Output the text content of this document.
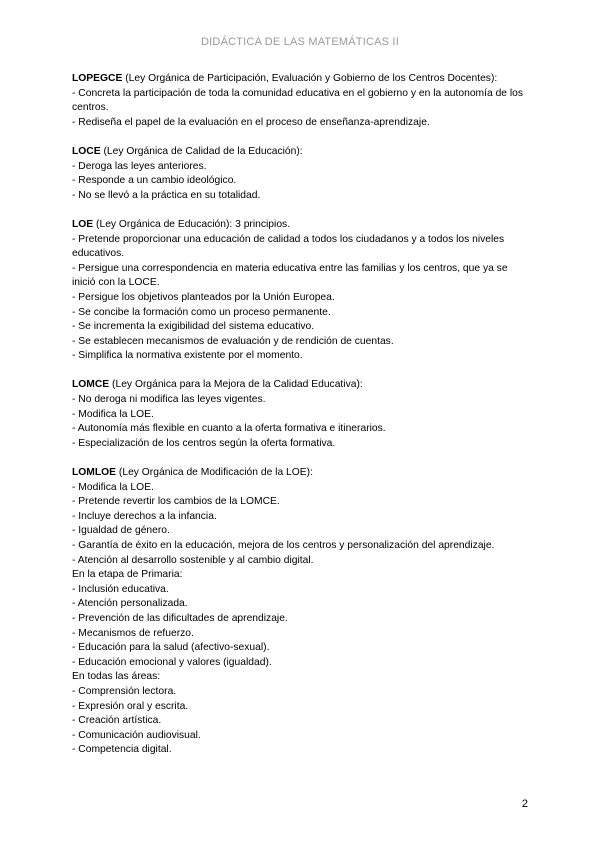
DIDÁCTICA DE LAS MATEMÁTICAS II
LOPEGCE (Ley Orgánica de Participación, Evaluación y Gobierno de los Centros Docentes):
- Concreta la participación de toda la comunidad educativa en el gobierno y en la autonomía de los centros.
- Rediseña el papel de la evaluación en el proceso de enseñanza-aprendizaje.
LOCE (Ley Orgánica de Calidad de la Educación):
- Deroga las leyes anteriores.
- Responde a un cambio ideológico.
- No se llevó a la práctica en su totalidad.
LOE (Ley Orgánica de Educación): 3 principios.
- Pretende proporcionar una educación de calidad a todos los ciudadanos y a todos los niveles educativos.
- Persigue una correspondencia en materia educativa entre las familias y los centros, que ya se inició con la LOCE.
- Persigue los objetivos planteados por la Unión Europea.
- Se concibe la formación como un proceso permanente.
- Se incrementa la exigibilidad del sistema educativo.
- Se establecen mecanismos de evaluación y de rendición de cuentas.
- Simplifica la normativa existente por el momento.
LOMCE (Ley Orgánica para la Mejora de la Calidad Educativa):
- No deroga ni modifica las leyes vigentes.
- Modifica la LOE.
- Autonomía más flexible en cuanto a la oferta formativa e itinerarios.
- Especialización de los centros según la oferta formativa.
LOMLOE (Ley Orgánica de Modificación de la LOE):
- Modifica la LOE.
- Pretende revertir los cambios de la LOMCE.
- Incluye derechos a la infancia.
- Igualdad de género.
- Garantía de éxito en la educación, mejora de los centros y personalización del aprendizaje.
- Atención al desarrollo sostenible y al cambio digital.
En la etapa de Primaria:
- Inclusión educativa.
- Atención personalizada.
- Prevención de las dificultades de aprendizaje.
- Mecanismos de refuerzo.
- Educación para la salud (afectivo-sexual).
- Educación emocional y valores (igualdad).
En todas las áreas:
- Comprensión lectora.
- Expresión oral y escrita.
- Creación artística.
- Comunicación audiovisual.
- Competencia digital.
2
